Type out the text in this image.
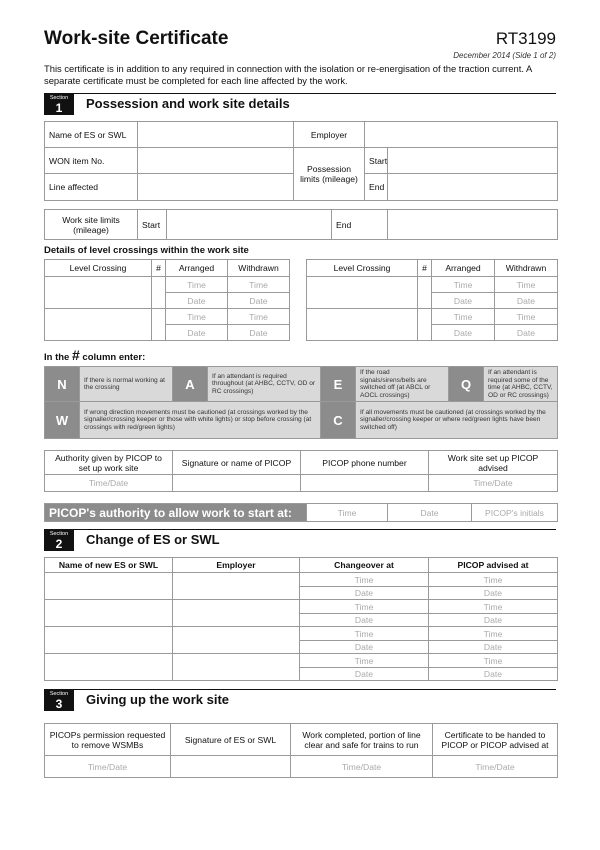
Work-site Certificate	RT3199
December 2014 (Side 1 of 2)
This certificate is in addition to any required in connection with the isolation or re-energisation of the traction current. A separate certificate must be completed for each line affected by the work.
Section
1	Possession and work site details
Name of ES or SWL		Employer		
WON item No.		Possession limits (mileage)	Start	
Line affected			End	
Work site limits (mileage)	Start		End	
Details of level crossings within the work site
Level Crossing	#	Arranged	Withdrawn
		Time	Time
		Date	Date
		Time	Time
		Date	Date
Level Crossing	#	Arranged	Withdrawn
		Time	Time
		Date	Date
		Time	Time
		Date	Date
In the # column enter:
N	If there is normal working at the crossing	A	If an attendant is required throughout (at AHBC, CCTV, OD or RC crossings)	E	If the road signals/sirens/bells are switched off (at ABCL or AOCL crossings)	Q	If an attendant is required some of the time (at AHBC, CCTV, OD or RC crossings)
W	If wrong direction movements must be cautioned (at crossings worked by the signaller/crossing keeper or those with white lights) or stop before crossing (at crossings with red/green lights)			C	If all movements must be cautioned (at crossings worked by the signaller/crossing keeper or where red/green lights have been switched off)		
Authority given by PICOP to set up work site	Signature or name of PICOP	PICOP phone number	Work site set up PICOP advised
Time/Date			Time/Date
PICOP's authority to allow work to start at:	Time	Date	PICOP's initials
Section
2	Change of ES or SWL
Name of new ES or SWL	Employer	Changeover at	PICOP advised at
		Time	Time
		Date	Date
		Time	Time
		Date	Date
		Time	Time
		Date	Date
		Time	Time
		Date	Date
Section
3	Giving up the work site
PICOPs permission requested to remove WSMBs	Signature of ES or SWL	Work completed, portion of line clear and safe for trains to run	Certificate to be handed to PICOP or PICOP advised at
Time/Date		Time/Date	Time/Date
